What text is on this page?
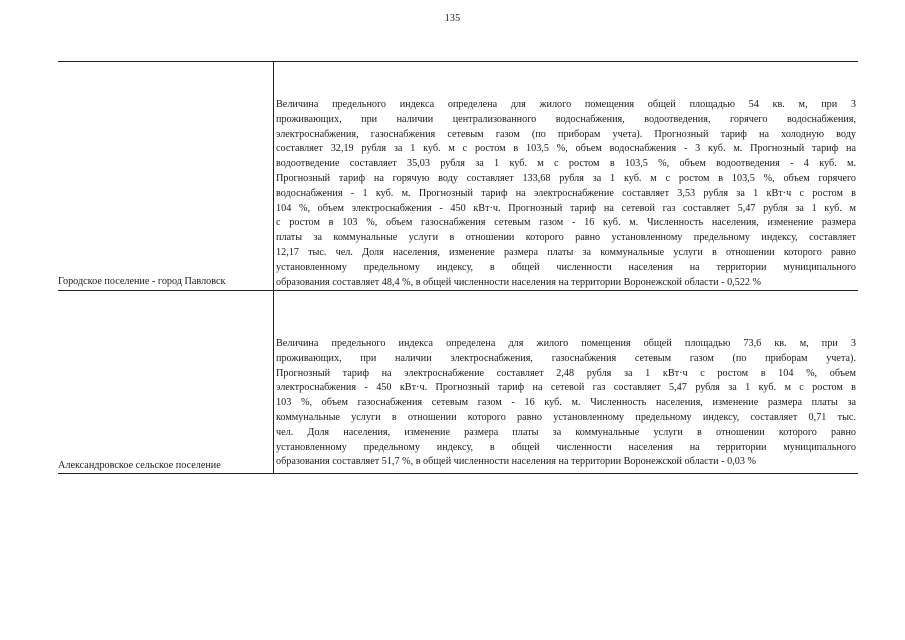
135
Городское поселение - город Павловск
Величина предельного индекса определена для жилого помещения общей площадью 54 кв. м, при 3
проживающих, при наличии централизованного водоснабжения, водоотведения, горячего водоснабжения,
электроснабжения, газоснабжения сетевым газом (по приборам учета). Прогнозный тариф на холодную воду
составляет 32,19 рубля за 1 куб. м с ростом в 103,5 %, объем водоснабжения - 3 куб. м. Прогнозный тариф на
водоотведение составляет 35,03 рубля за 1 куб. м с ростом в 103,5 %, объем водоотведения - 4 куб. м.
Прогнозный тариф на горячую воду составляет 133,68 рубля за 1 куб. м с ростом в 103,5 %, объем горячего
водоснабжения - 1 куб. м. Прогнозный тариф на электроснабжение составляет 3,53 рубля за 1 кВт·ч с ростом в
104 %, объем электроснабжения - 450 кВт·ч. Прогнозный тариф на сетевой газ составляет 5,47 рубля за 1 куб. м
с ростом в 103 %, объем газоснабжения сетевым газом - 16 куб. м. Численность населения, изменение размера
платы за коммунальные услуги в отношении которого равно установленному предельному индексу, составляет
12,17 тыс. чел. Доля населения, изменение размера платы за коммунальные услуги в отношении которого равно
установленному предельному индексу, в общей численности населения на территории муниципального
образования составляет 48,4 %, в общей численности населения на территории Воронежской области - 0,522 %
Александровское сельское поселение
Величина предельного индекса определена для жилого помещения общей площадью 73,6 кв. м, при 3
проживающих, при наличии электроснабжения, газоснабжения сетевым газом (по приборам учета).
Прогнозный тариф на электроснабжение составляет 2,48 рубля за 1 кВт·ч с ростом в 104 %, объем
электроснабжения - 450 кВт·ч. Прогнозный тариф на сетевой газ составляет 5,47 рубля за 1 куб. м с ростом в
103 %, объем газоснабжения сетевым газом - 16 куб. м. Численность населения, изменение размера платы за
коммунальные услуги в отношении которого равно установленному предельному индексу, составляет 0,71 тыс.
чел. Доля населения, изменение размера платы за коммунальные услуги в отношении которого равно
установленному предельному индексу, в общей численности населения на территории муниципального
образования составляет 51,7 %, в общей численности населения на территории Воронежской области - 0,03 %
